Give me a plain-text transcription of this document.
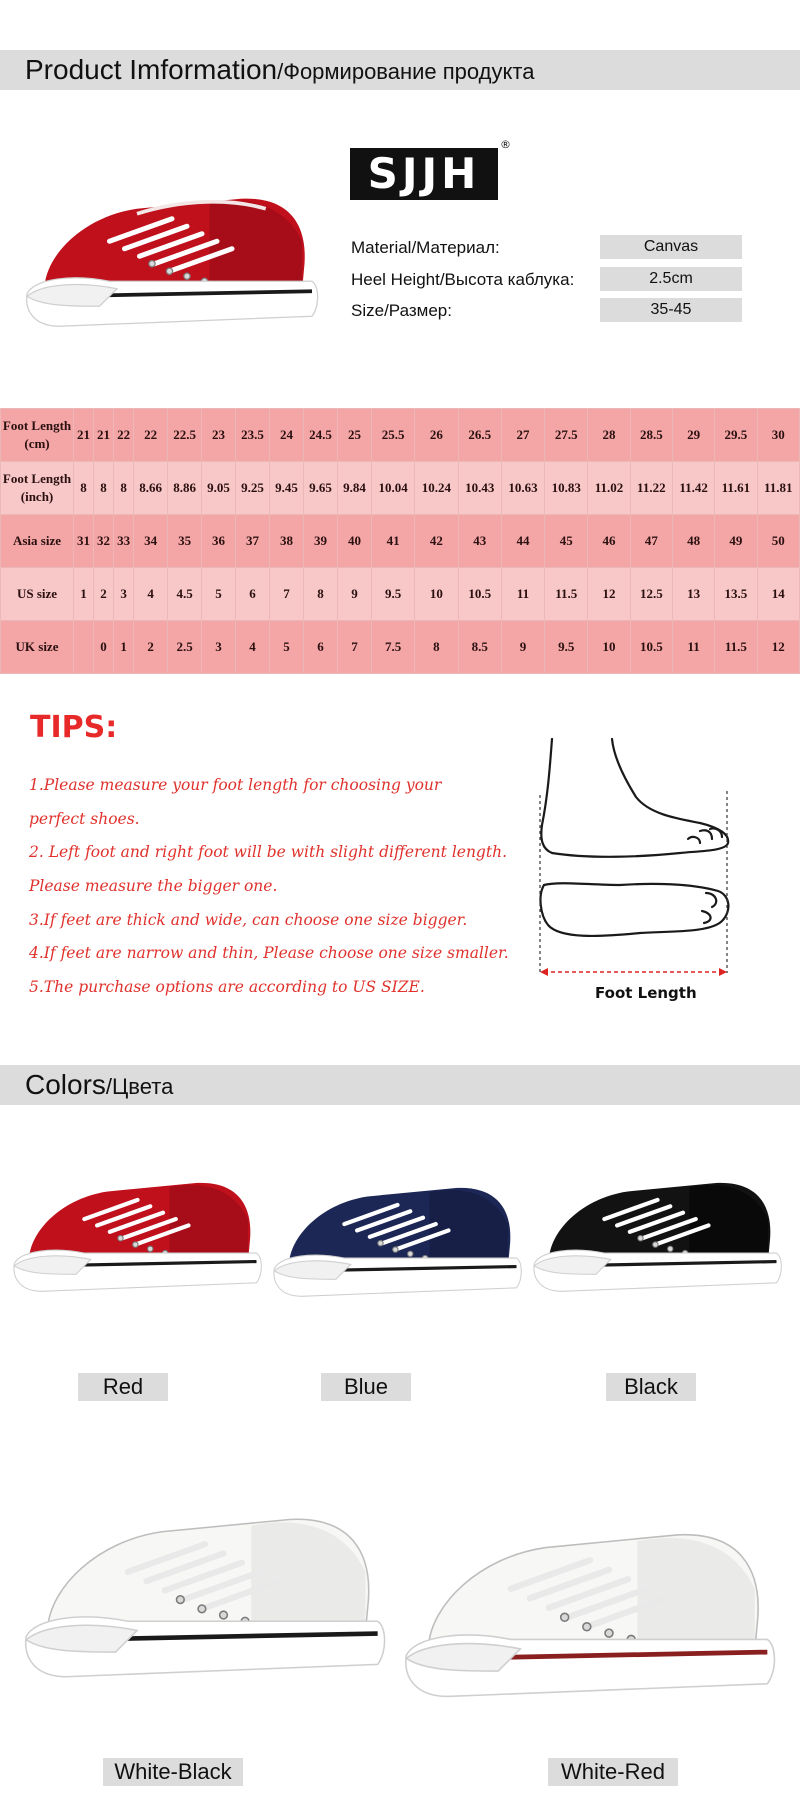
Product Imformation/Формирование продукта
SJJH
®
Material/Материал:	Canvas
Heel Height/Высота каблука:	2.5cm
Size/Размер:	35-45
Foot Length
(cm)	21	21	22	22	22.5	23	23.5	24	24.5	25	25.5	26	26.5	27	27.5	28	28.5	29	29.5	30

Foot Length
(inch)	8	8	8	8.66	8.86	9.05	9.25	9.45	9.65	9.84	10.04	10.24	10.43	10.63	10.83	11.02	11.22	11.42	11.61	11.81

Asia size	31	32	33	34	35	36	37	38	39	40	41	42	43	44	45	46	47	48	49	50

US size	1	2	3	4	4.5	5	6	7	8	9	9.5	10	10.5	11	11.5	12	12.5	13	13.5	14

UK size		0	1	2	2.5	3	4	5	6	7	7.5	8	8.5	9	9.5	10	10.5	11	11.5	12
TIPS:
1.Please measure your foot length for choosing your
perfect shoes.
2. Left foot and right foot will be with slight different length.
Please measure the bigger one.
3.If feet are thick and wide, can choose one size bigger.
4.If feet are narrow and thin, Please choose one size smaller.
5.The purchase options are according to US SIZE.	Foot Length
Colors/Цвета
Red	Blue	Black
White-Black	White-Red
